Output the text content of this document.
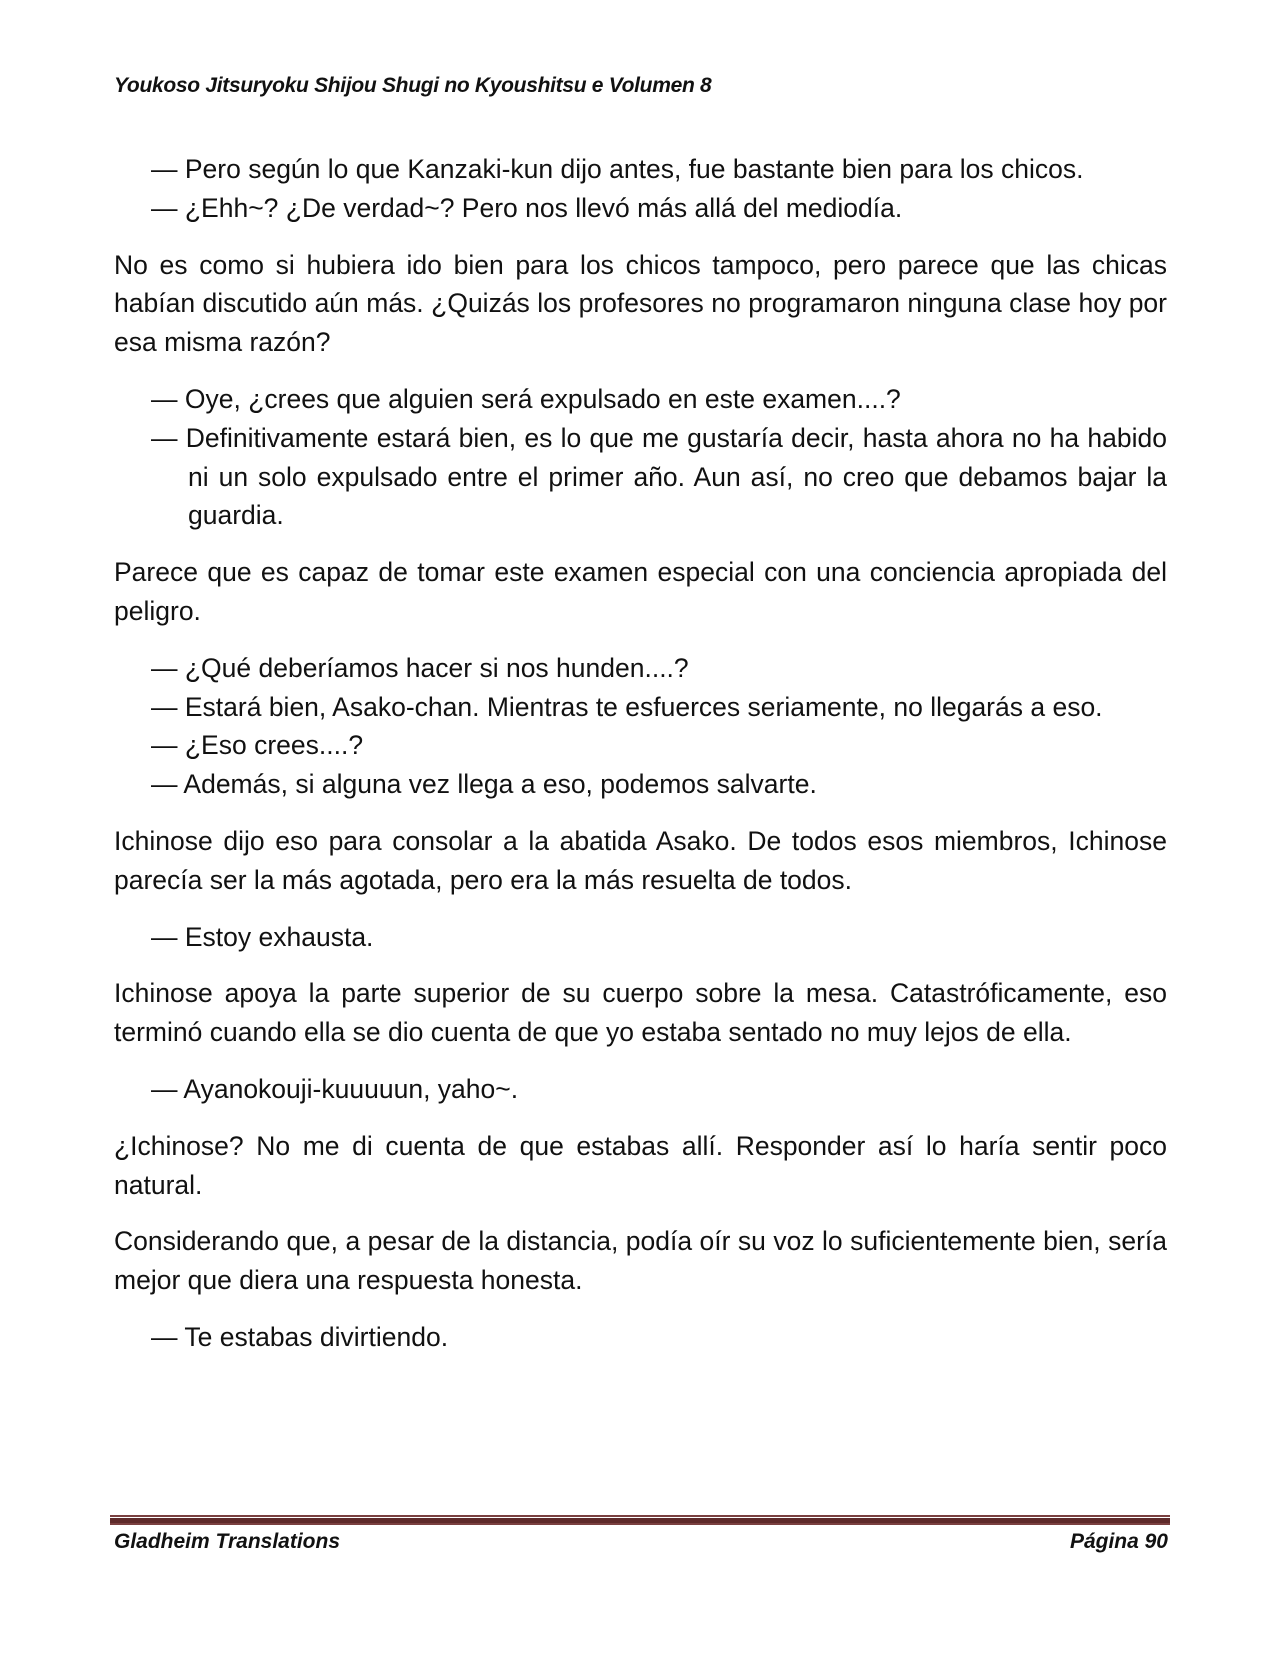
Youkoso Jitsuryoku Shijou Shugi no Kyoushitsu e Volumen 8

— Pero según lo que Kanzaki-kun dijo antes, fue bastante bien para los chicos.

— ¿Ehh~? ¿De verdad~? Pero nos llevó más allá del mediodía.

No es como si hubiera ido bien para los chicos tampoco, pero parece que las chicas habían discutido aún más. ¿Quizás los profesores no programaron ninguna clase hoy por esa misma razón?

— Oye, ¿crees que alguien será expulsado en este examen....?

— Definitivamente estará bien, es lo que me gustaría decir, hasta ahora no ha habido ni un solo expulsado entre el primer año. Aun así, no creo que debamos bajar la guardia.

Parece que es capaz de tomar este examen especial con una conciencia apropiada del peligro.

— ¿Qué deberíamos hacer si nos hunden....?

— Estará bien, Asako-chan. Mientras te esfuerces seriamente, no llegarás a eso.

— ¿Eso crees....?

— Además, si alguna vez llega a eso, podemos salvarte.

Ichinose dijo eso para consolar a la abatida Asako. De todos esos miembros, Ichinose parecía ser la más agotada, pero era la más resuelta de todos.

— Estoy exhausta.

Ichinose apoya la parte superior de su cuerpo sobre la mesa. Catastróficamente, eso terminó cuando ella se dio cuenta de que yo estaba sentado no muy lejos de ella.

— Ayanokouji-kuuuuun, yaho~.

¿Ichinose? No me di cuenta de que estabas allí. Responder así lo haría sentir poco natural.

Considerando que, a pesar de la distancia, podía oír su voz lo suficientemente bien, sería mejor que diera una respuesta honesta.

— Te estabas divirtiendo.

Gladheim Translations	Página 90
